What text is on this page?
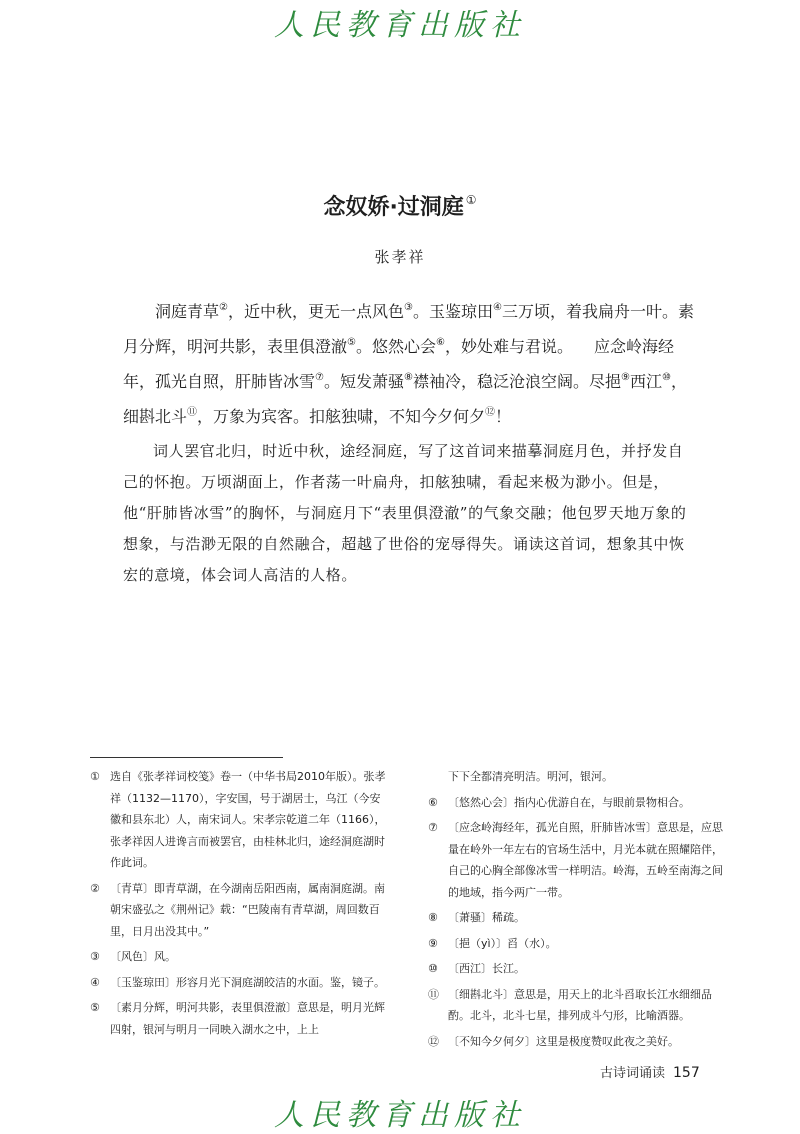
人民教育出版社
念奴娇·过洞庭 ①
张孝祥
洞庭青草②，近中秋，更无一点风色③。玉鉴琼田④三万顷，着我扁舟一叶。素月分辉，明河共影，表里俱澄澈⑤。悠然心会⑥，妙处难与君说。 　应念岭海经年，孤光自照，肝肺皆冰雪⑦。短发萧骚⑧襟袖冷，稳泛沧浪空阔。尽挹⑨西江⑩，细斟北斗⑪，万象为宾客。扣舷独啸，不知今夕何夕⑫！
词人罢官北归，时近中秋，途经洞庭，写了这首词来描摹洞庭月色，并抒发自己的怀抱。万顷湖面上，作者荡一叶扁舟，扣舷独啸，看起来极为渺小。但是，他“肝肺皆冰雪”的胸怀，与洞庭月下“表里俱澄澈”的气象交融；他包罗天地万象的想象，与浩渺无限的自然融合，超越了世俗的宠辱得失。诵读这首词，想象其中恢宏的意境，体会词人高洁的人格。
① 选自《张孝祥词校笺》卷一（中华书局2010年版）。张孝祥（1132—1170），字安国，号于湖居士，乌江（今安徽和县东北）人，南宋词人。宋孝宗乾道二年（1166），张孝祥因人进谗言而被罢官，由桂林北归，途经洞庭湖时作此词。
② 〔青草〕即青草湖，在今湖南岳阳西南，属南洞庭湖。南朝宋盛弘之《荆州记》载：“巴陵南有青草湖，周回数百里，日月出没其中。”
③ 〔风色〕风。
④ 〔玉鉴琼田〕形容月光下洞庭湖皎洁的水面。鉴，镜子。
⑤ 〔素月分辉，明河共影，表里俱澄澈〕意思是，明月光辉四射，银河与明月一同映入湖水之中，上上
下下全都清亮明洁。明河，银河。
⑥ 〔悠然心会〕指内心优游自在，与眼前景物相合。
⑦ 〔应念岭海经年，孤光自照，肝肺皆冰雪〕意思是，应思量在岭外一年左右的官场生活中，月光本就在照耀陪伴，自己的心胸全部像冰雪一样明洁。岭海，五岭至南海之间的地域，指今两广一带。
⑧ 〔萧骚〕稀疏。
⑨ 〔挹（yì）〕舀（水）。
⑩ 〔西江〕长江。
⑪ 〔细斟北斗〕意思是，用天上的北斗舀取长江水细细品酌。北斗，北斗七星，排列成斗勺形，比喻酒器。
⑫ 〔不知今夕何夕〕这里是极度赞叹此夜之美好。
古诗词诵读 157
人民教育出版社
